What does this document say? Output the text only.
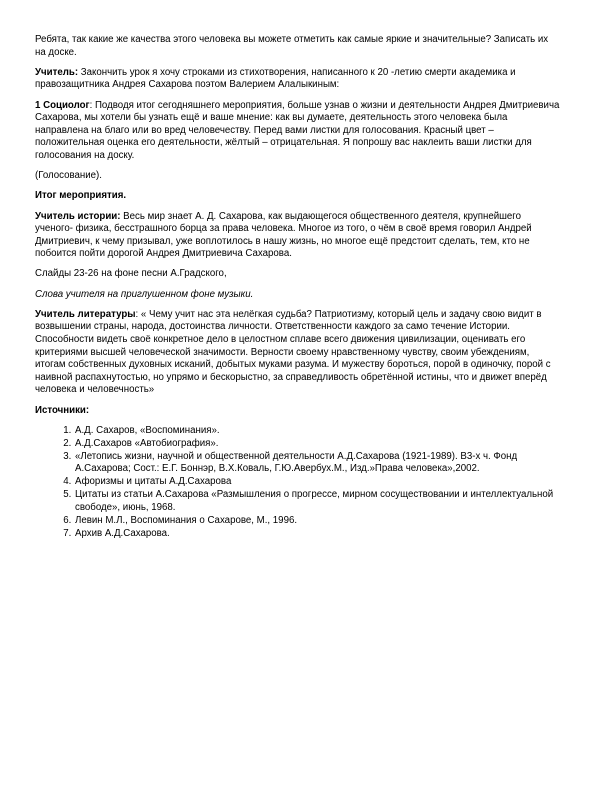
Ребята, так какие же качества этого человека вы можете отметить как самые яркие и значительные? Записать их на доске.

Учитель: Закончить урок я хочу строками из стихотворения, написанного к 20 -летию смерти академика и правозащитника Андрея Сахарова поэтом Валерием Алалыкиным:

1 Социолог: Подводя итог сегодняшнего мероприятия, больше узнав о жизни и деятельности Андрея Дмитриевича Сахарова, мы хотели бы узнать ещё и ваше мнение: как вы думаете, деятельность этого человека была направлена на благо или во вред человечеству. Перед вами листки для голосования. Красный цвет – положительная оценка его деятельности, жёлтый – отрицательная. Я попрошу вас наклеить ваши листки для голосования на доску.

(Голосование).

Итог мероприятия.

Учитель истории: Весь мир знает А. Д. Сахарова, как выдающегося общественного деятеля, крупнейшего ученого- физика, бесстрашного борца за права человека. Многое из того, о чём в своё время говорил Андрей Дмитриевич, к чему призывал, уже воплотилось в нашу жизнь, но многое ещё предстоит сделать, тем, кто не побоится пойти дорогой Андрея Дмитриевича Сахарова.

Слайды 23-26 на фоне песни А.Градского,

Слова учителя на приглушенном фоне музыки.

Учитель литературы: « Чему учит нас эта нелёгкая судьба? Патриотизму, который цель и задачу свою видит в возвышении страны, народа, достоинства личности. Ответственности каждого за само течение Истории. Способности видеть своё конкретное дело в целостном сплаве всего движения цивилизации, оценивать его критериями высшей человеческой значимости. Верности своему нравственному чувству, своим убеждениям, итогам собственных духовных исканий, добытых муками разума. И мужеству бороться, порой в одиночку, порой с наивной распахнутостью, но упрямо и бескорыстно, за справедливость обретённой истины, что и движет вперёд человека и человечность»

Источники:

1. А.Д. Сахаров, «Воспоминания».
2. А.Д.Сахаров «Автобиография».
3. «Летопись жизни, научной и общественной деятельности А.Д.Сахарова (1921-1989). В3-х ч. Фонд А.Сахарова; Сост.: Е.Г. Боннэр, В.Х.Коваль, Г.Ю.Авербух.М., Изд.»Права человека»,2002.
4. Афоризмы и цитаты А.Д.Сахарова
5. Цитаты из статьи А.Сахарова «Размышления о прогрессе, мирном сосуществовании и интеллектуальной свободе», июнь, 1968.
6. Левин М.Л., Воспоминания о Сахарове, М., 1996.
7. Архив А.Д.Сахарова.
